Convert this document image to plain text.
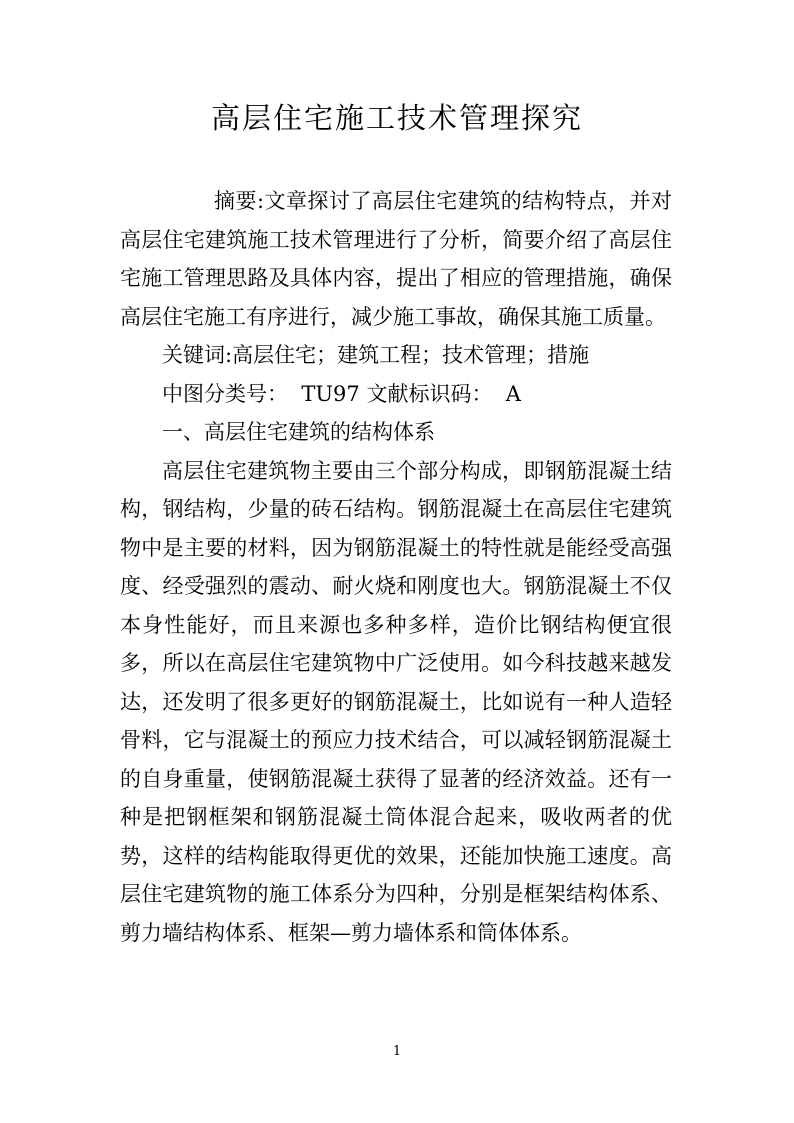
高层住宅施工技术管理探究

摘要:文章探讨了高层住宅建筑的结构特点，并对高层住宅建筑施工技术管理进行了分析，简要介绍了高层住宅施工管理思路及具体内容，提出了相应的管理措施，确保高层住宅施工有序进行，减少施工事故，确保其施工质量。

关键词:高层住宅；建筑工程；技术管理；措施

中图分类号：  TU97 文献标识码：  A

一、高层住宅建筑的结构体系

高层住宅建筑物主要由三个部分构成，即钢筋混凝土结构，钢结构，少量的砖石结构。钢筋混凝土在高层住宅建筑物中是主要的材料，因为钢筋混凝土的特性就是能经受高强度、经受强烈的震动、耐火烧和刚度也大。钢筋混凝土不仅本身性能好，而且来源也多种多样，造价比钢结构便宜很多，所以在高层住宅建筑物中广泛使用。如今科技越来越发达，还发明了很多更好的钢筋混凝土，比如说有一种人造轻骨料，它与混凝土的预应力技术结合，可以减轻钢筋混凝土的自身重量，使钢筋混凝土获得了显著的经济效益。还有一种是把钢框架和钢筋混凝土筒体混合起来，吸收两者的优势，这样的结构能取得更优的效果，还能加快施工速度。高层住宅建筑物的施工体系分为四种，分别是框架结构体系、剪力墙结构体系、框架—剪力墙体系和筒体体系。

1
